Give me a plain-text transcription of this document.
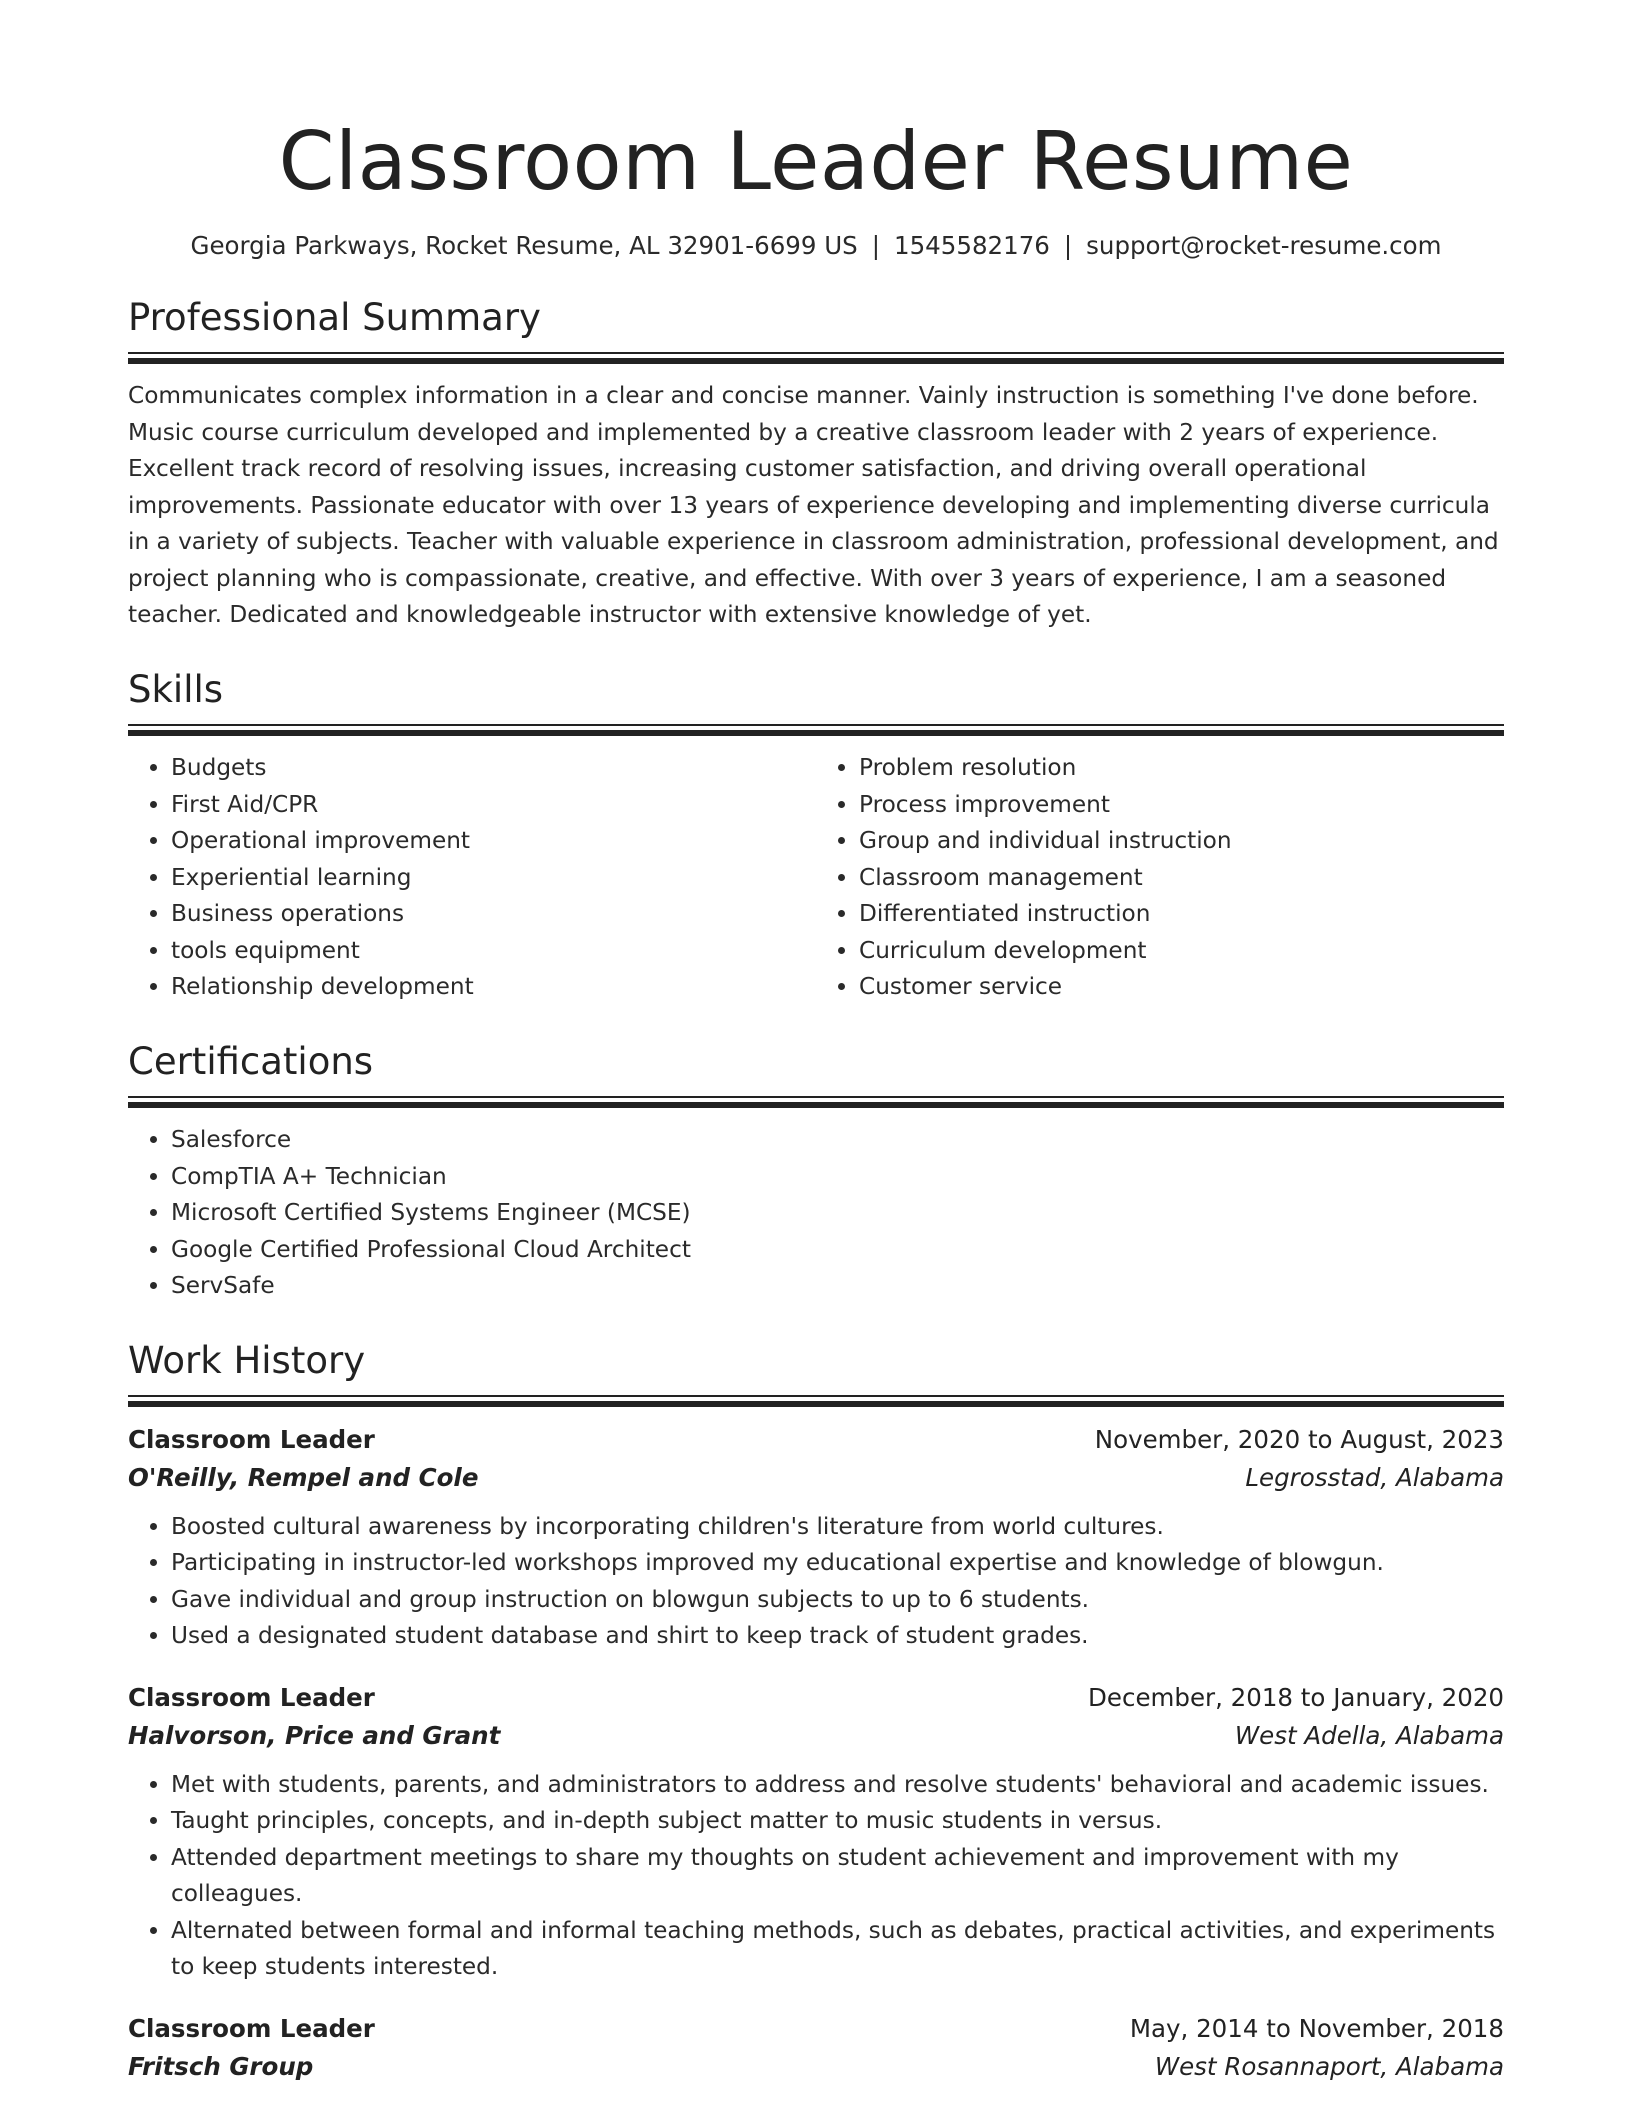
Classroom Leader Resume
Georgia Parkways, Rocket Resume, AL 32901-6699 US | 1545582176 | support@rocket-resume.com
Professional Summary

Communicates complex information in a clear and concise manner. Vainly instruction is something I've done before. Music course curriculum developed and implemented by a creative classroom leader with 2 years of experience. Excellent track record of resolving issues, increasing customer satisfaction, and driving overall operational improvements. Passionate educator with over 13 years of experience developing and implementing diverse curricula in a variety of subjects. Teacher with valuable experience in classroom administration, professional development, and project planning who is compassionate, creative, and effective. With over 3 years of experience, I am a seasoned teacher. Dedicated and knowledgeable instructor with extensive knowledge of yet.

Skills
• Budgets
• First Aid/CPR
• Operational improvement
• Experiential learning
• Business operations
• tools equipment
• Relationship development
• Problem resolution
• Process improvement
• Group and individual instruction
• Classroom management
• Differentiated instruction
• Curriculum development
• Customer service
Certifications
• Salesforce
• CompTIA A+ Technician
• Microsoft Certified Systems Engineer (MCSE)
• Google Certified Professional Cloud Architect
• ServSafe
Work History
Classroom Leader	November, 2020 to August, 2023
O'Reilly, Rempel and Cole	Legrosstad, Alabama
• Boosted cultural awareness by incorporating children's literature from world cultures.
• Participating in instructor-led workshops improved my educational expertise and knowledge of blowgun.
• Gave individual and group instruction on blowgun subjects to up to 6 students.
• Used a designated student database and shirt to keep track of student grades.
Classroom Leader	December, 2018 to January, 2020
Halvorson, Price and Grant	West Adella, Alabama
• Met with students, parents, and administrators to address and resolve students' behavioral and academic issues.
• Taught principles, concepts, and in-depth subject matter to music students in versus.
• Attended department meetings to share my thoughts on student achievement and improvement with my colleagues.
• Alternated between formal and informal teaching methods, such as debates, practical activities, and experiments to keep students interested.
Classroom Leader	May, 2014 to November, 2018
Fritsch Group	West Rosannaport, Alabama
